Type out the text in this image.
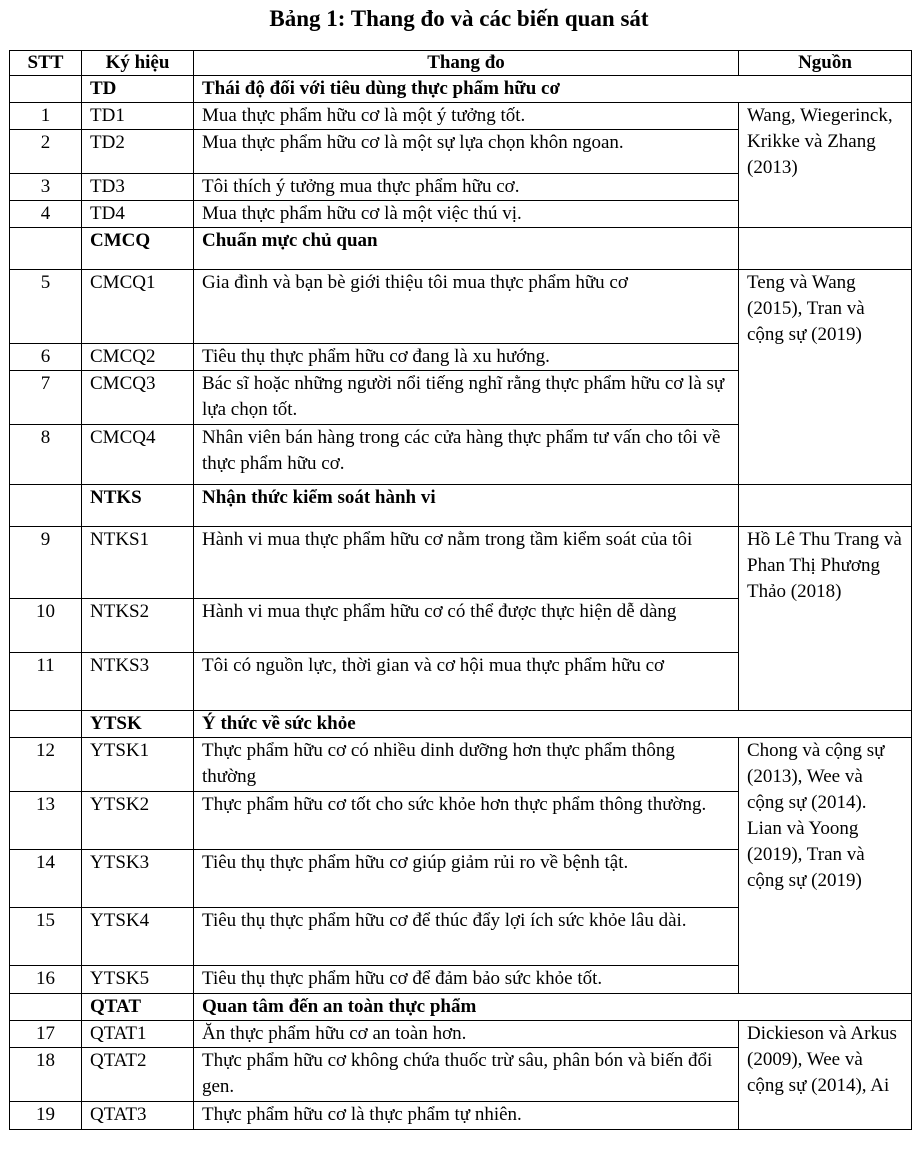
Bảng 1: Thang đo và các biến quan sát
STT	Ký hiệu	Thang đo	Nguồn
	TD	Thái độ đối với tiêu dùng thực phẩm hữu cơ	
1	TD1	Mua thực phẩm hữu cơ là một ý tưởng tốt.	Wang, Wiegerinck, Krikke và Zhang (2013)
2	TD2	Mua thực phẩm hữu cơ là một sự lựa chọn khôn ngoan.	
3	TD3	Tôi thích ý tưởng mua thực phẩm hữu cơ.	
4	TD4	Mua thực phẩm hữu cơ là một việc thú vị.	
	CMCQ	Chuẩn mực chủ quan	
5	CMCQ1	Gia đình và bạn bè giới thiệu tôi mua thực phẩm hữu cơ	Teng và Wang (2015), Tran và cộng sự (2019)
6	CMCQ2	Tiêu thụ thực phẩm hữu cơ đang là xu hướng.	
7	CMCQ3	Bác sĩ hoặc những người nổi tiếng nghĩ rằng thực phẩm hữu cơ là sự lựa chọn tốt.	
8	CMCQ4	Nhân viên bán hàng trong các cửa hàng thực phẩm tư vấn cho tôi về thực phẩm hữu cơ.	
	NTKS	Nhận thức kiểm soát hành vi	
9	NTKS1	Hành vi mua thực phẩm hữu cơ nằm trong tầm kiểm soát của tôi	Hồ Lê Thu Trang và Phan Thị Phương Thảo (2018)
10	NTKS2	Hành vi mua thực phẩm hữu cơ có thể được thực hiện dễ dàng	
11	NTKS3	Tôi có nguồn lực, thời gian và cơ hội mua thực phẩm hữu cơ	
	YTSK	Ý thức về sức khỏe	
12	YTSK1	Thực phẩm hữu cơ có nhiều dinh dưỡng hơn thực phẩm thông thường	Chong và cộng sự (2013), Wee và cộng sự (2014). Lian và Yoong (2019), Tran và cộng sự (2019)
13	YTSK2	Thực phẩm hữu cơ tốt cho sức khỏe hơn thực phẩm thông thường.	
14	YTSK3	Tiêu thụ thực phẩm hữu cơ giúp giảm rủi ro về bệnh tật.	
15	YTSK4	Tiêu thụ thực phẩm hữu cơ để thúc đẩy lợi ích sức khỏe lâu dài.	
16	YTSK5	Tiêu thụ thực phẩm hữu cơ để đảm bảo sức khỏe tốt.	
	QTAT	Quan tâm đến an toàn thực phẩm	
17	QTAT1	Ăn thực phẩm hữu cơ an toàn hơn.	Dickieson và Arkus (2009), Wee và cộng sự (2014), Ai
18	QTAT2	Thực phẩm hữu cơ không chứa thuốc trừ sâu, phân bón và biến đổi gen.	
19	QTAT3	Thực phẩm hữu cơ là thực phẩm tự nhiên.	
